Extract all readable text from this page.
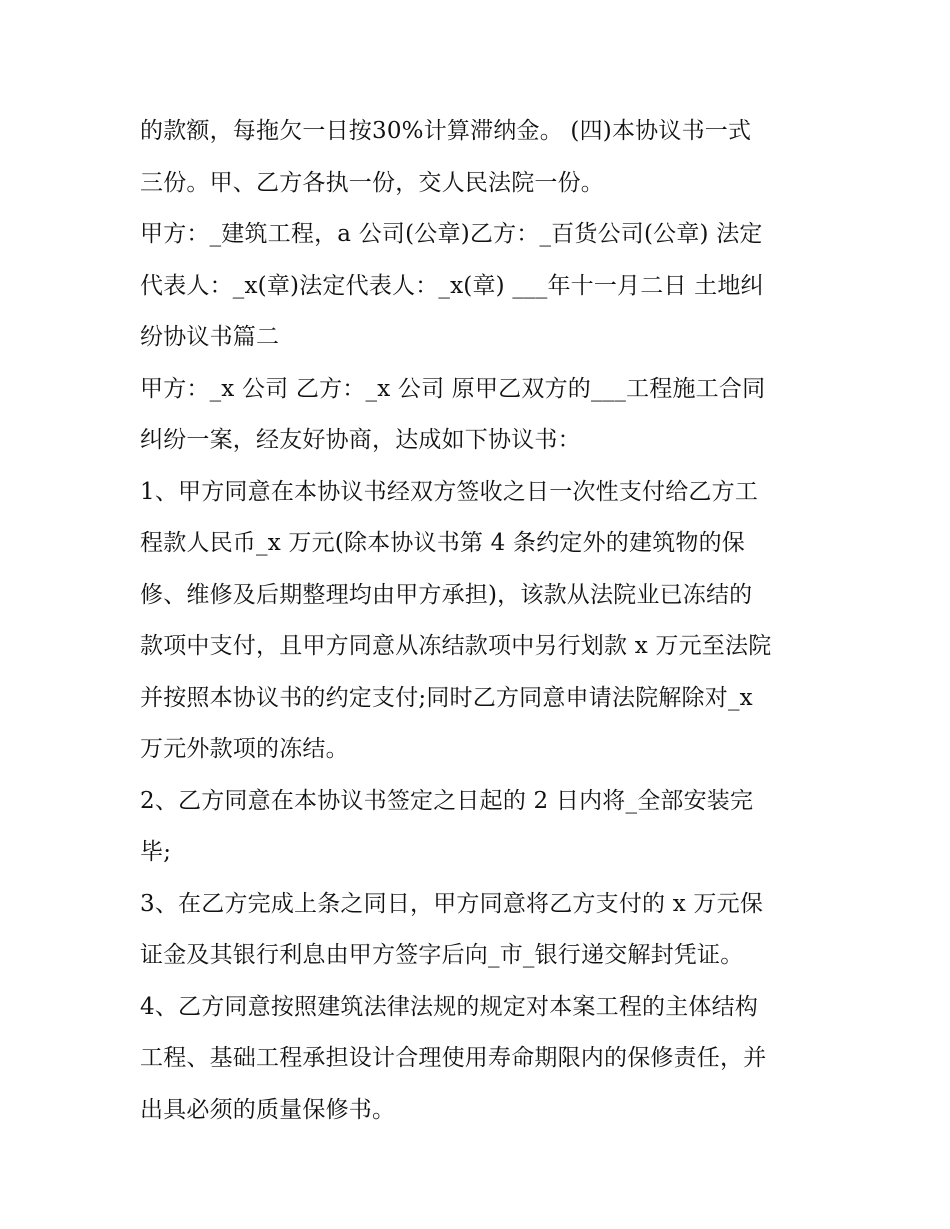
的款额，每拖欠一日按30%计算滞纳金。 (四)本协议书一式
三份。甲、乙方各执一份，交人民法院一份。
甲方：_建筑工程，a 公司(公章)乙方：_百货公司(公章) 法定
代表人：_x(章)法定代表人：_x(章) ___年十一月二日 土地纠
纷协议书篇二
甲方：_x 公司 乙方：_x 公司 原甲乙双方的___工程施工合同
纠纷一案，经友好协商，达成如下协议书：
1、甲方同意在本协议书经双方签收之日一次性支付给乙方工
程款人民币_x 万元(除本协议书第 4 条约定外的建筑物的保
修、维修及后期整理均由甲方承担)，该款从法院业已冻结的
款项中支付，且甲方同意从冻结款项中另行划款 x 万元至法院
并按照本协议书的约定支付;同时乙方同意申请法院解除对_x
万元外款项的冻结。
2、乙方同意在本协议书签定之日起的 2 日内将_全部安装完
毕;
3、在乙方完成上条之同日，甲方同意将乙方支付的 x 万元保
证金及其银行利息由甲方签字后向_市_银行递交解封凭证。
4、乙方同意按照建筑法律法规的规定对本案工程的主体结构
工程、基础工程承担设计合理使用寿命期限内的保修责任，并
出具必须的质量保修书。
